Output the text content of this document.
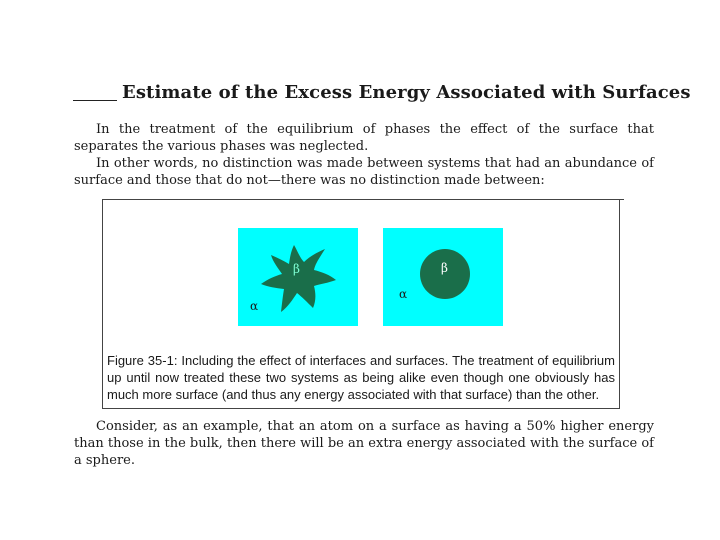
Estimate of the Excess Energy Associated with Surfaces

In the treatment of the equilibrium of phases the effect of the surface that separates the various phases was neglected.

In other words, no distinction was made between systems that had an abundance of surface and those that do not—there was no distinction made between:

β
α
β
α
Figure 35-1: Including the effect of interfaces and surfaces. The treatment of equilibrium up until now treated these two systems as being alike even though one obviously has much more surface (and thus any energy associated with that surface) than the other.

Consider, as an example, that an atom on a surface as having a 50% higher energy than those in the bulk, then there will be an extra energy associated with the surface of a sphere.
